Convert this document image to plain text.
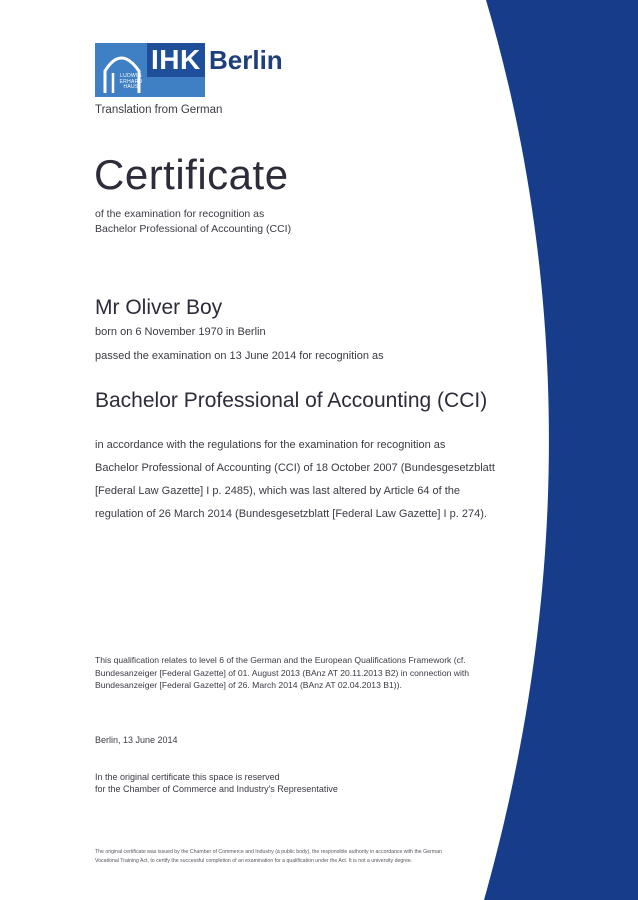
IHK
LUDWIG
ERHARD
HAUS
Berlin
Translation from German
Certificate
of the examination for recognition as
Bachelor Professional of Accounting (CCI)
Mr Oliver Boy
born on 6 November 1970 in Berlin
passed the examination on 13 June 2014 for recognition as
Bachelor Professional of Accounting (CCI)
in accordance with the regulations for the examination for recognition as
Bachelor Professional of Accounting (CCI) of 18 October 2007 (Bundesgesetzblatt
[Federal Law Gazette] I p. 2485), which was last altered by Article 64 of the
regulation of 26 March 2014 (Bundesgesetzblatt [Federal Law Gazette] I p. 274).
This qualification relates to level 6 of the German and the European Qualifications Framework (cf.
Bundesanzeiger [Federal Gazette] of 01. August 2013 (BAnz AT 20.11.2013 B2) in connection with
Bundesanzeiger [Federal Gazette] of 26. March 2014 (BAnz AT 02.04.2013 B1)).
Berlin, 13 June 2014
In the original certificate this space is reserved
for the Chamber of Commerce and Industry's Representative
The original certificate was issued by the Chamber of Commerce and Industry (a public body), the responsible authority in accordance with the German
Vocational Training Act, to certify the successful completion of an examination for a qualification under the Act. It is not a university degree.
